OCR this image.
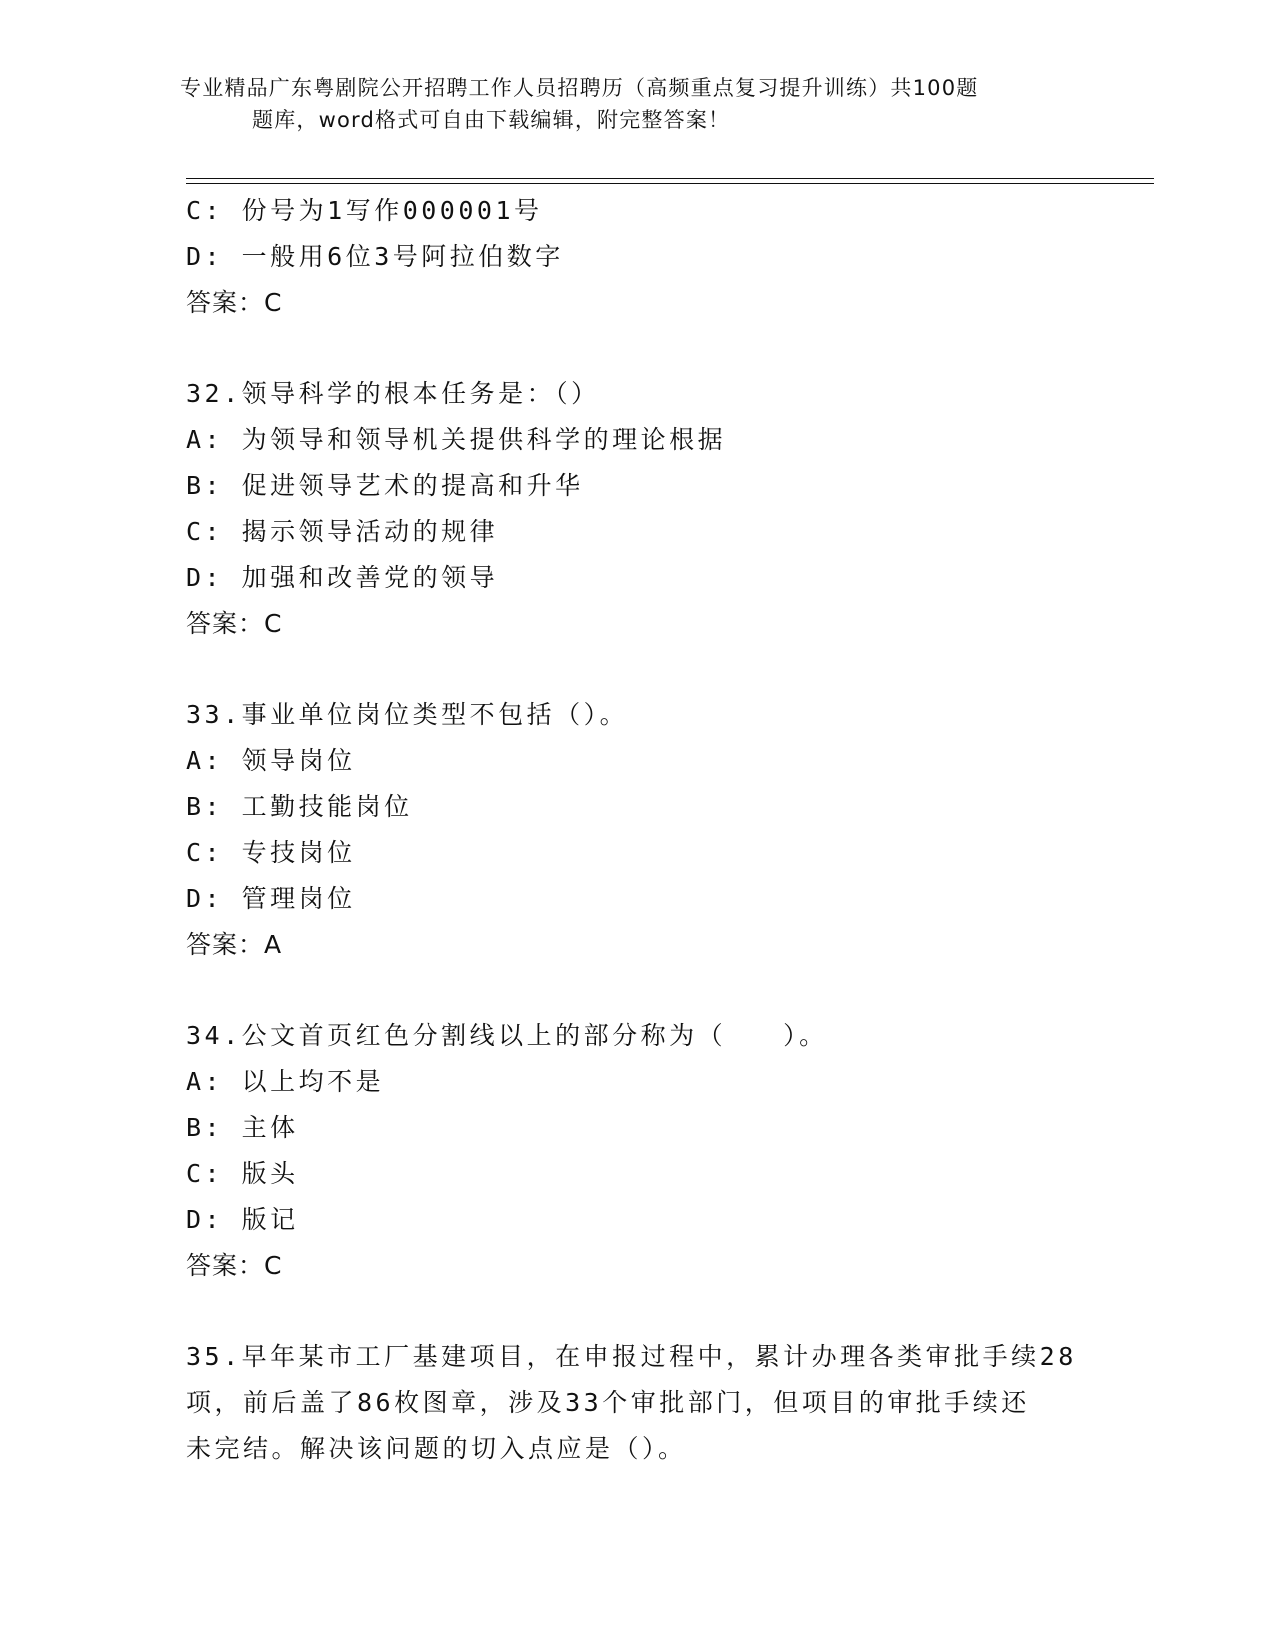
专业精品广东粤剧院公开招聘工作人员招聘历（高频重点复习提升训练）共100题
题库，word格式可自由下载编辑，附完整答案！
C: 份号为1写作000001号
D: 一般用6位3号阿拉伯数字
答案：C
32.领导科学的根本任务是：（）
A: 为领导和领导机关提供科学的理论根据
B: 促进领导艺术的提高和升华
C: 揭示领导活动的规律
D: 加强和改善党的领导
答案：C
33.事业单位岗位类型不包括（）。
A: 领导岗位
B: 工勤技能岗位
C: 专技岗位
D: 管理岗位
答案：A
34.公文首页红色分割线以上的部分称为（　　）。
A: 以上均不是
B: 主体
C: 版头
D: 版记
答案：C
35.早年某市工厂基建项目，在申报过程中，累计办理各类审批手续28
项，前后盖了86枚图章，涉及33个审批部门，但项目的审批手续还
未完结。解决该问题的切入点应是（）。
